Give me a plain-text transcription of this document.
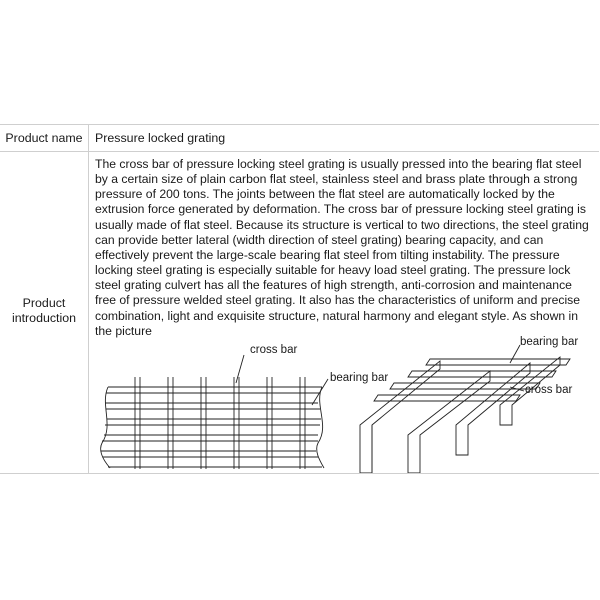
Product name	Pressure locked grating
Product
introduction
The cross bar of pressure locking steel grating is usually pressed into the bearing flat steel by a certain size of plain carbon flat steel, stainless steel and brass plate through a strong pressure of 200 tons. The joints between the flat steel are automatically locked by the extrusion force generated by deformation. The cross bar of pressure locking steel grating is usually made of flat steel. Because its structure is vertical to two directions, the steel grating can provide better lateral (width direction of steel grating) bearing capacity, and can effectively prevent the large-scale bearing flat steel from tilting instability. The pressure locking steel grating is especially suitable for heavy load steel grating. The pressure lock steel grating culvert has all the features of high strength, anti-corrosion and maintenance free of pressure welded steel grating. It also has the characteristics of uniform and precise combination, light and exquisite structure, natural harmony and elegant style. As shown in the picture
cross bar
bearing bar
bearing bar
cross bar
